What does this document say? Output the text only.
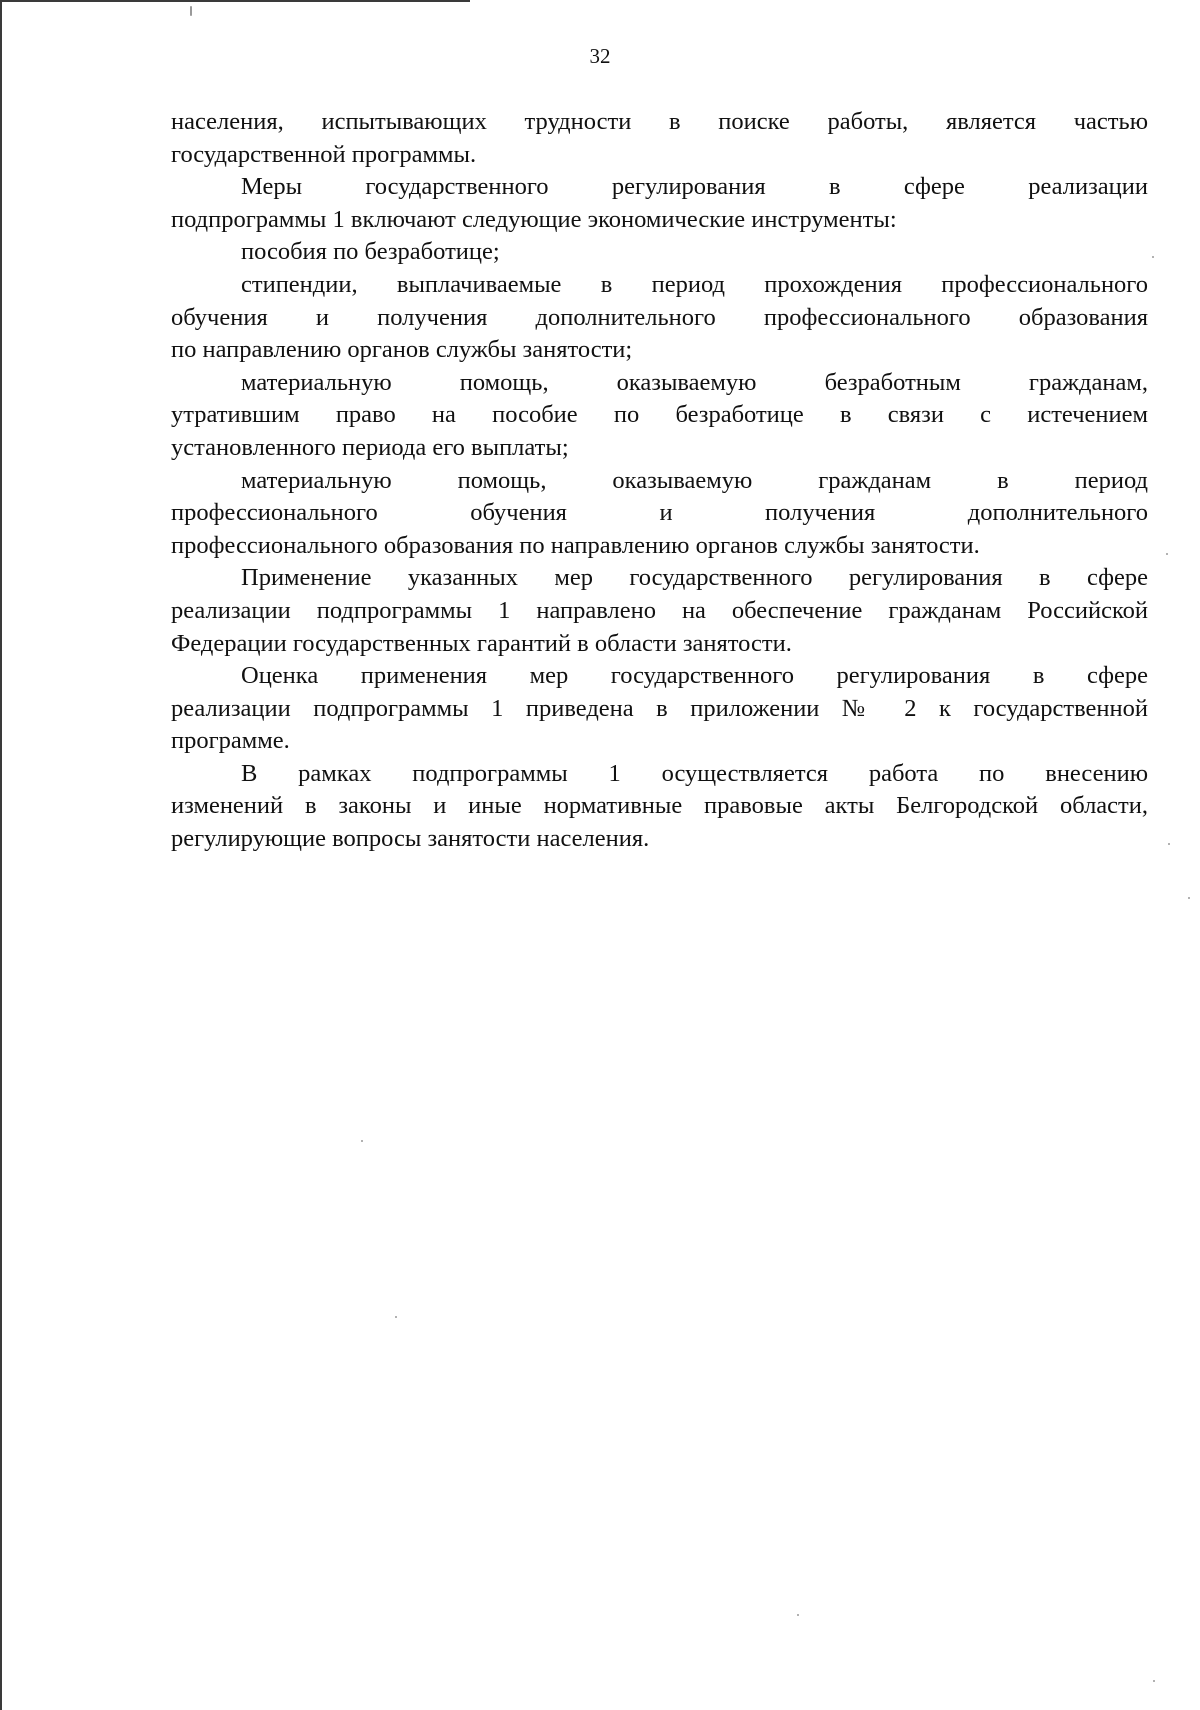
32
населения, испытывающих трудности в поиске работы, является частью
государственной программы.
Меры государственного регулирования в сфере реализации
подпрограммы 1 включают следующие экономические инструменты:
пособия по безработице;
стипендии, выплачиваемые в период прохождения профессионального
обучения и получения дополнительного профессионального образования
по направлению органов службы занятости;
материальную помощь, оказываемую безработным гражданам,
утратившим право на пособие по безработице в связи с истечением
установленного периода его выплаты;
материальную помощь, оказываемую гражданам в период
профессионального обучения и получения дополнительного
профессионального образования по направлению органов службы занятости.
Применение указанных мер государственного регулирования в сфере
реализации подпрограммы 1 направлено на обеспечение гражданам Российской
Федерации государственных гарантий в области занятости.
Оценка применения мер государственного регулирования в сфере
реализации подпрограммы 1 приведена в приложении № 2 к государственной
программе.
В рамках подпрограммы 1 осуществляется работа по внесению
изменений в законы и иные нормативные правовые акты Белгородской области,
регулирующие вопросы занятости населения.
